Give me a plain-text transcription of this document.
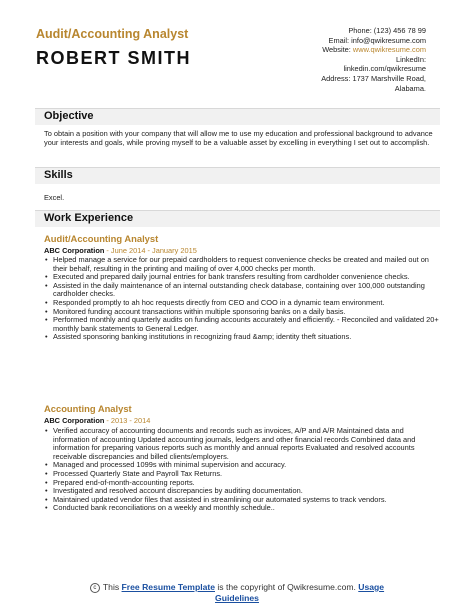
Audit/Accounting Analyst
ROBERT SMITH
Phone: (123) 456 78 99
Email: info@qwikresume.com
Website: www.qwikresume.com
LinkedIn:
linkedin.com/qwikresume
Address: 1737 Marshville Road,
Alabama.
Objective
To obtain a position with your company that will allow me to use my education and professional background to advance your interests and goals, while proving myself to be a valuable asset by excelling in everything I set out to accomplish.
Skills
Excel.
Work Experience
Audit/Accounting Analyst
ABC Corporation - June 2014 - January 2015
• Helped manage a service for our prepaid cardholders to request convenience checks be created and mailed out on their behalf, resulting in the printing and mailing of over 4,000 checks per month.
• Executed and prepared daily journal entries for bank transfers resulting from cardholder convenience checks.
• Assisted in the daily maintenance of an internal outstanding check database, containing over 100,000 outstanding cardholder checks.
• Responded promptly to ah hoc requests directly from CEO and COO in a dynamic team environment.
• Monitored funding account transactions within multiple sponsoring banks on a daily basis.
• Performed monthly and quarterly audits on funding accounts accurately and efficiently. - Reconciled and validated 20+ monthly bank statements to General Ledger.
• Assisted sponsoring banking institutions in recognizing fraud &amp; identity theft situations.
Accounting Analyst
ABC Corporation - 2013 - 2014
• Verified accuracy of accounting documents and records such as invoices, A/P and A/R Maintained data and information of accounting Updated accounting journals, ledgers and other financial records Combined data and information for preparing various reports such as monthly and annual reports Evaluated and resolved accounts receivable discrepancies and billed clients/employers.
• Managed and processed 1099s with minimal supervision and accuracy.
• Processed Quarterly State and Payroll Tax Returns.
• Prepared end-of-month-accounting reports.
• Investigated and resolved account discrepancies by auditing documentation.
• Maintained updated vendor files that assisted in streamlining our automated systems to track vendors.
• Conducted bank reconciliations on a weekly and monthly schedule..
c This Free Resume Template is the copyright of Qwikresume.com. Usage
Guidelines
